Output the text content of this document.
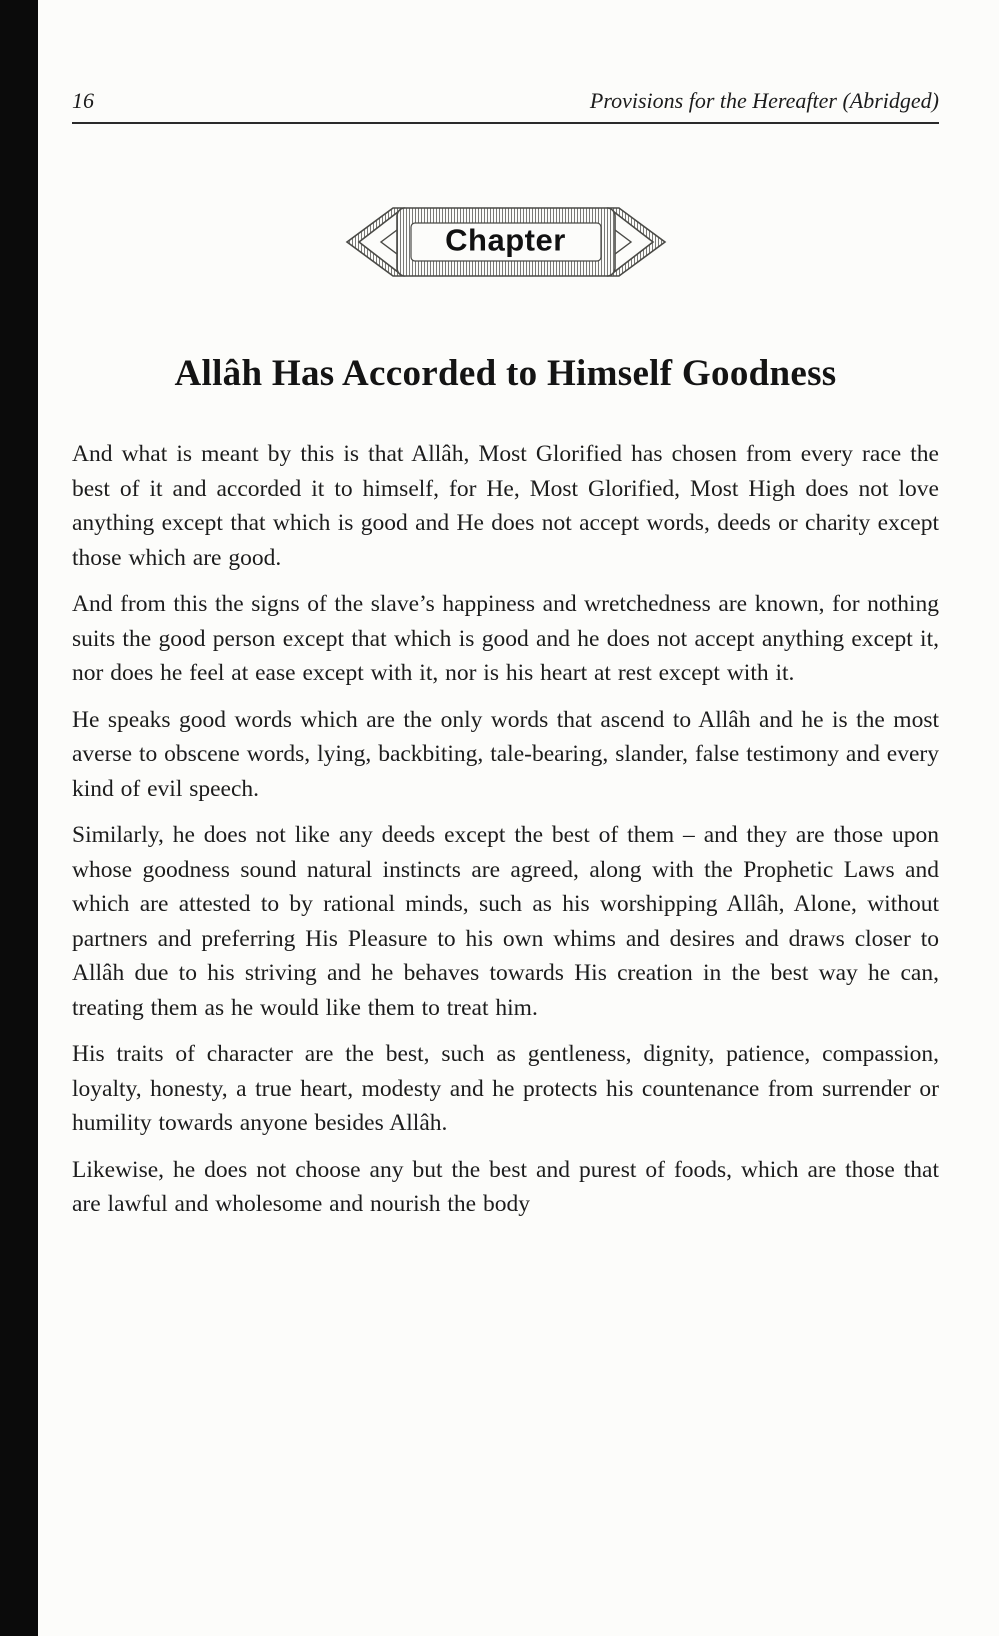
16	Provisions for the Hereafter (Abridged)
Chapter
Allâh Has Accorded to Himself Goodness

And what is meant by this is that Allâh, Most Glorified has chosen from every race the best of it and accorded it to himself, for He, Most Glorified, Most High does not love anything except that which is good and He does not accept words, deeds or charity except those which are good.

And from this the signs of the slave’s happiness and wretchedness are known, for nothing suits the good person except that which is good and he does not accept anything except it, nor does he feel at ease except with it, nor is his heart at rest except with it.

He speaks good words which are the only words that ascend to Allâh and he is the most averse to obscene words, lying, backbiting, tale-bearing, slander, false testimony and every kind of evil speech.

Similarly, he does not like any deeds except the best of them – and they are those upon whose goodness sound natural instincts are agreed, along with the Prophetic Laws and which are attested to by rational minds, such as his worshipping Allâh, Alone, without partners and preferring His Pleasure to his own whims and desires and draws closer to Allâh due to his striving and he behaves towards His creation in the best way he can, treating them as he would like them to treat him.

His traits of character are the best, such as gentleness, dignity, patience, compassion, loyalty, honesty, a true heart, modesty and he protects his countenance from surrender or humility towards anyone besides Allâh.

Likewise, he does not choose any but the best and purest of foods, which are those that are lawful and wholesome and nourish the body
